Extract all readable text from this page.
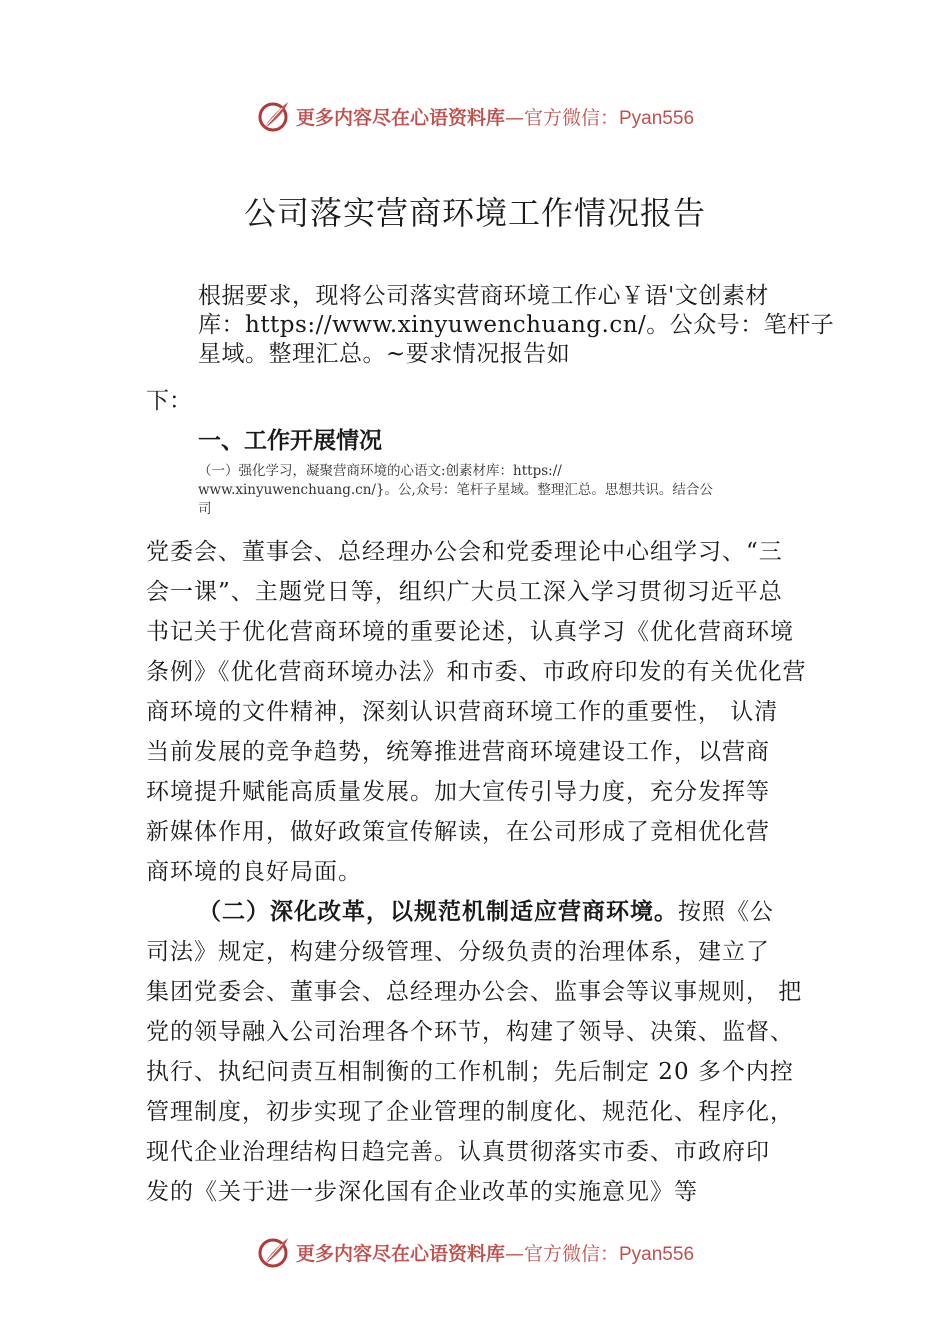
更多内容尽在心语资料库—官方微信：Pyan556
公司落实营商环境工作情况报告
根据要求，现将公司落实营商环境工作心￥语'文创素材
库：https://www.xinyuwenchuang.cn/。公众号：笔杆子
星域。整理汇总。~要求情况报告如
下：
一、工作开展情况
（一）强化学习，凝聚营商环境的心语文:创素材库：https://
www.xinyuwenchuang.cn/}。公,众号：笔杆子星域。整理汇总。思想共识。结合公
司
党委会、董事会、总经理办公会和党委理论中心组学习、“三
会一课”、主题党日等，组织广大员工深入学习贯彻习近平总
书记关于优化营商环境的重要论述，认真学习《优化营商环境
条例》《优化营商环境办法》和市委、市政府印发的有关优化营
商环境的文件精神，深刻认识营商环境工作的重要性， 认清
当前发展的竞争趋势，统筹推进营商环境建设工作，以营商
环境提升赋能高质量发展。加大宣传引导力度，充分发挥等
新媒体作用，做好政策宣传解读，在公司形成了竞相优化营
商环境的良好局面。
（二）深化改革，以规范机制适应营商环境。按照《公
司法》规定，构建分级管理、分级负责的治理体系，建立了
集团党委会、董事会、总经理办公会、监事会等议事规则， 把
党的领导融入公司治理各个环节，构建了领导、决策、监督、
执行、执纪问责互相制衡的工作机制；先后制定 20 多个内控
管理制度，初步实现了企业管理的制度化、规范化、程序化，
现代企业治理结构日趋完善。认真贯彻落实市委、市政府印
发的《关于进一步深化国有企业改革的实施意见》等
更多内容尽在心语资料库—官方微信：Pyan556
